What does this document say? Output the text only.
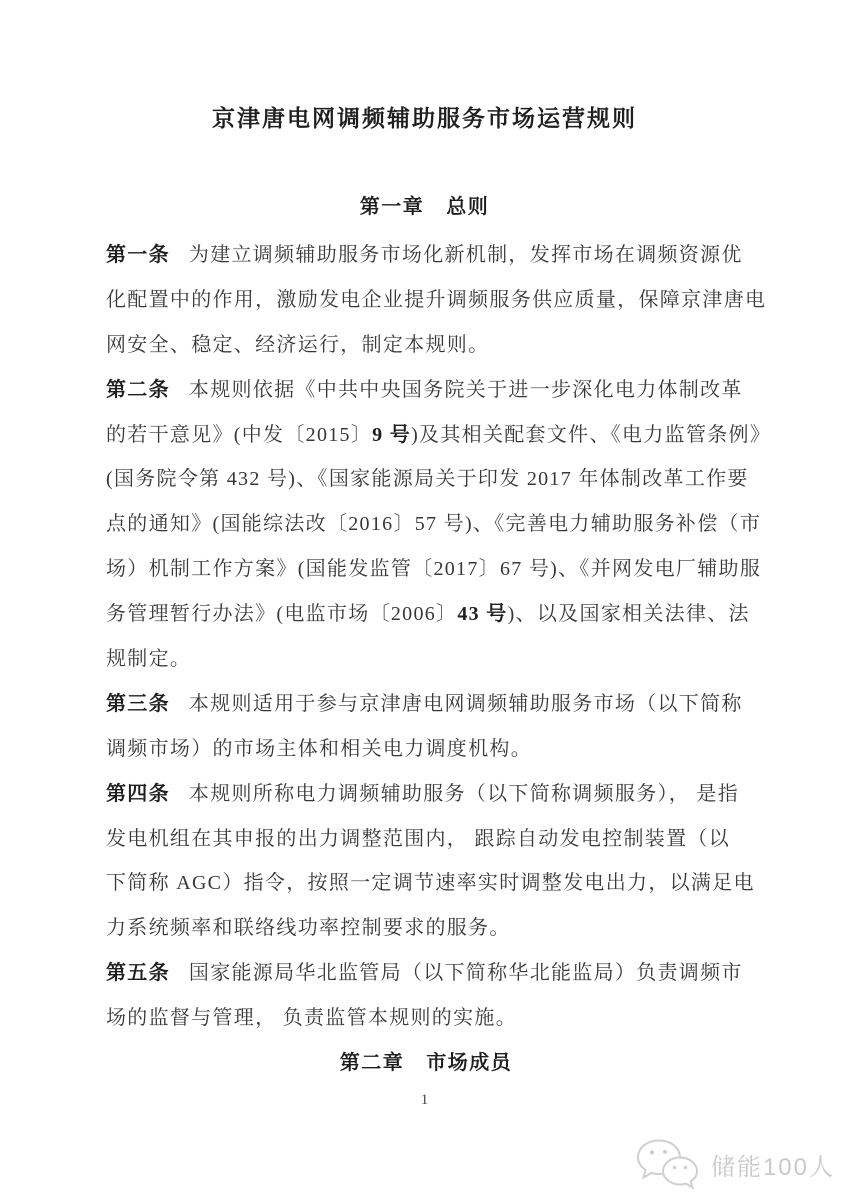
京津唐电网调频辅助服务市场运营规则
第一章 总则
第一条 为建立调频辅助服务市场化新机制，发挥市场在调频资源优
化配置中的作用，激励发电企业提升调频服务供应质量，保障京津唐电
网安全、稳定、经济运行，制定本规则。
第二条 本规则依据《中共中央国务院关于进一步深化电力体制改革
的若干意见》(中发〔2015〕9 号)及其相关配套文件、《电力监管条例》
(国务院令第 432 号)、《国家能源局关于印发 2017 年体制改革工作要
点的通知》(国能综法改〔2016〕57 号)、《完善电力辅助服务补偿（市
场）机制工作方案》(国能发监管〔2017〕67 号)、《并网发电厂辅助服
务管理暂行办法》(电监市场〔2006〕43 号)、以及国家相关法律、法
规制定。
第三条 本规则适用于参与京津唐电网调频辅助服务市场（以下简称
调频市场）的市场主体和相关电力调度机构。
第四条 本规则所称电力调频辅助服务（以下简称调频服务）， 是指
发电机组在其申报的出力调整范围内， 跟踪自动发电控制装置（以
下简称 AGC）指令，按照一定调节速率实时调整发电出力，以满足电
力系统频率和联络线功率控制要求的服务。
第五条 国家能源局华北监管局（以下简称华北能监局）负责调频市
场的监督与管理， 负责监管本规则的实施。
第二章 市场成员
1
储能100人
